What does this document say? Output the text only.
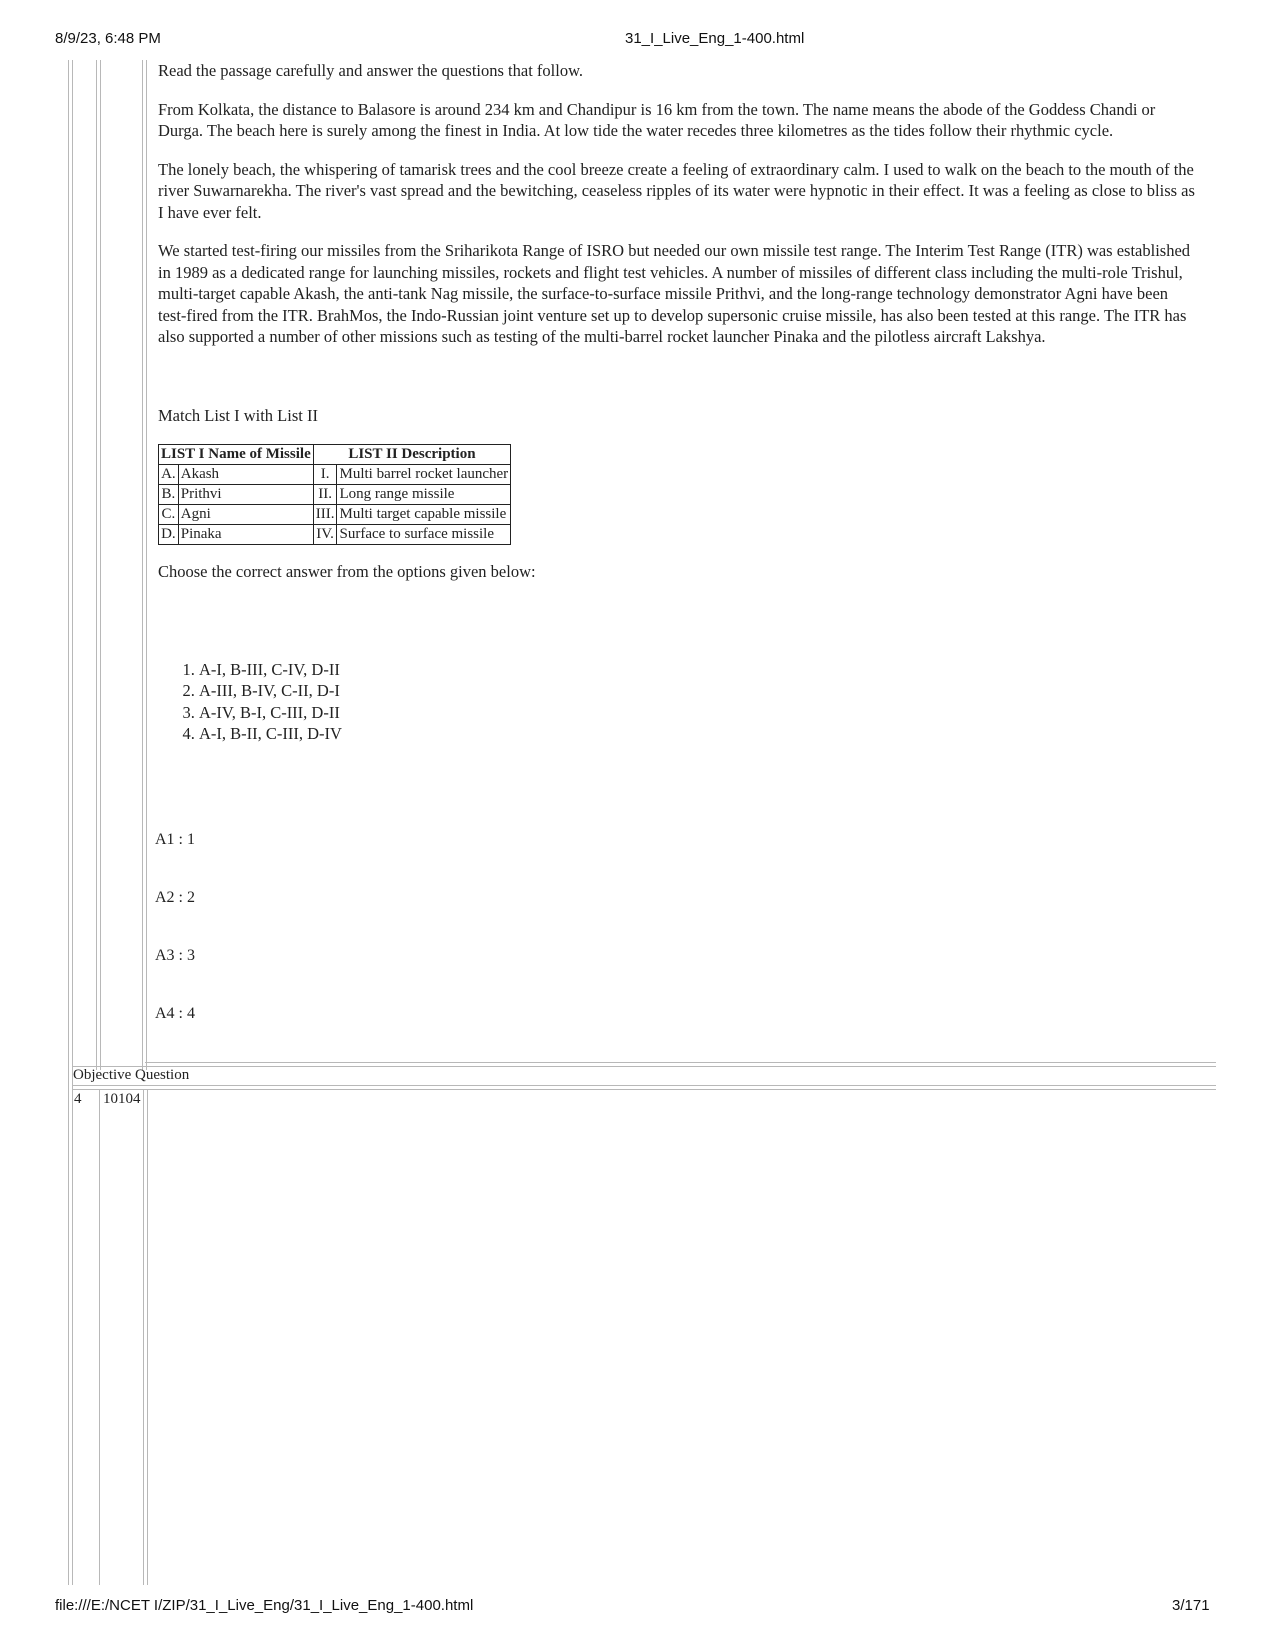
8/9/23, 6:48 PM	31_I_Live_Eng_1-400.html

Read the passage carefully and answer the questions that follow.

From Kolkata, the distance to Balasore is around 234 km and Chandipur is 16 km from the town. The name means the abode of the Goddess Chandi or Durga. The beach here is surely among the finest in India. At low tide the water recedes three kilometres as the tides follow their rhythmic cycle.

The lonely beach, the whispering of tamarisk trees and the cool breeze create a feeling of extraordinary calm. I used to walk on the beach to the mouth of the river Suwarnarekha. The river's vast spread and the bewitching, ceaseless ripples of its water were hypnotic in their effect. It was a feeling as close to bliss as I have ever felt.

We started test-firing our missiles from the Sriharikota Range of ISRO but needed our own missile test range. The Interim Test Range (ITR) was established in 1989 as a dedicated range for launching missiles, rockets and flight test vehicles. A number of missiles of different class including the multi-role Trishul, multi-target capable Akash, the anti-tank Nag missile, the surface-to-surface missile Prithvi, and the long-range technology demonstrator Agni have been test-fired from the ITR. BrahMos, the Indo-Russian joint venture set up to develop supersonic cruise missile, has also been tested at this range. The ITR has also supported a number of other missions such as testing of the multi-barrel rocket launcher Pinaka and the pilotless aircraft Lakshya.

Match List I with List II

LIST I Name of Missile		LIST II Description	
A.	Akash	I.	Multi barrel rocket launcher
B.	Prithvi	II.	Long range missile
C.	Agni	III.	Multi target capable missile
D.	Pinaka	IV.	Surface to surface missile

Choose the correct answer from the options given below:

1. A-I, B-III, C-IV, D-II
2. A-III, B-IV, C-II, D-I
3. A-IV, B-I, C-III, D-II
4. A-I, B-II, C-III, D-IV
A1 : 1
A2 : 2
A3 : 3
A4 : 4
Objective Question
4 10104
file:///E:/NCET I/ZIP/31_I_Live_Eng/31_I_Live_Eng_1-400.html	3/171
